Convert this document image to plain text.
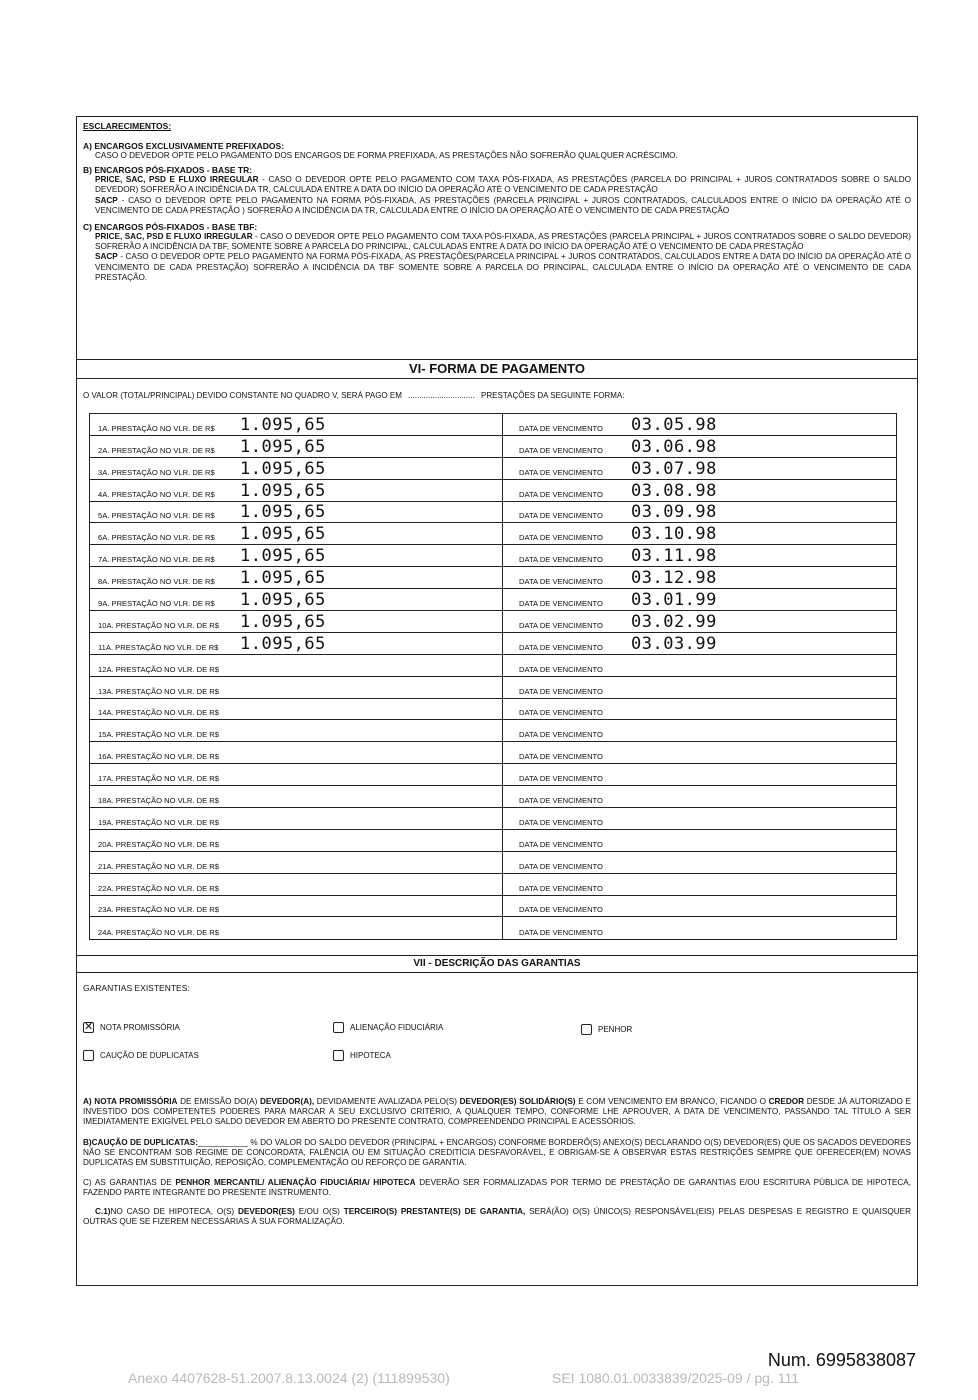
ESCLARECIMENTOS:
A) ENCARGOS EXCLUSIVAMENTE PREFIXADOS:
CASO O DEVEDOR OPTE PELO PAGAMENTO DOS ENCARGOS DE FORMA PREFIXADA, AS PRESTAÇÕES NÃO SOFRERÃO QUALQUER ACRÉSCIMO.
B) ENCARGOS PÓS-FIXADOS - BASE TR:
PRICE, SAC, PSD E FLUXO IRREGULAR - CASO O DEVEDOR OPTE PELO PAGAMENTO COM TAXA PÓS-FIXADA, AS PRESTAÇÕES (PARCELA DO PRINCIPAL + JUROS CONTRATADOS SOBRE O SALDO DEVEDOR) SOFRERÃO A INCIDÊNCIA DA TR, CALCULADA ENTRE A DATA DO INÍCIO DA OPERAÇÃO ATÉ O VENCIMENTO DE CADA PRESTAÇÃO
SACP - CASO O DEVEDOR OPTE PELO PAGAMENTO NA FORMA PÓS-FIXADA, AS PRESTAÇÕES (PARCELA PRINCIPAL + JUROS CONTRATADOS, CALCULADOS ENTRE O INÍCIO DA OPERAÇÃO ATÉ O VENCIMENTO DE CADA PRESTAÇÃO ) SOFRERÃO A INCIDÊNCIA DA TR, CALCULADA ENTRE O INÍCIO DA OPERAÇÃO ATÉ O VENCIMENTO DE CADA PRESTAÇÃO
C) ENCARGOS PÓS-FIXADOS - BASE TBF:
PRICE, SAC, PSD E FLUXO IRREGULAR - CASO O DEVEDOR OPTE PELO PAGAMENTO COM TAXA PÓS-FIXADA, AS PRESTAÇÕES (PARCELA PRINCIPAL + JUROS CONTRATADOS SOBRE O SALDO DEVEDOR) SOFRERÃO A INCIDÊNCIA DA TBF, SOMENTE SOBRE A PARCELA DO PRINCIPAL, CALCULADAS ENTRE A DATA DO INÍCIO DA OPERAÇÃO ATÉ O VENCIMENTO DE CADA PRESTAÇÃO
SACP - CASO O DEVEDOR OPTE PELO PAGAMENTO NA FORMA PÓS-FIXADA, AS PRESTAÇÕES(PARCELA PRINCIPAL + JUROS CONTRATADOS, CALCULADOS ENTRE A DATA DO INÍCIO DA OPERAÇÃO ATÉ O VENCIMENTO DE CADA PRESTAÇÃO) SOFRERÃO A INCIDÊNCIA DA TBF SOMENTE SOBRE A PARCELA DO PRINCIPAL, CALCULADA ENTRE O INÍCIO DA OPERAÇÃO ATÉ O VENCIMENTO DE CADA PRESTAÇÃO.
VI- FORMA DE PAGAMENTO
O VALOR (TOTAL/PRINCIPAL) DEVIDO CONSTANTE NO QUADRO V, SERÁ PAGO EM .............................. PRESTAÇÕES DA SEGUINTE FORMA:
1A. PRESTAÇÃO NO VLR. DE R$ 1.095,65	DATA DE VENCIMENTO 03.05.98
2A. PRESTAÇÃO NO VLR. DE R$ 1.095,65	DATA DE VENCIMENTO 03.06.98
3A. PRESTAÇÃO NO VLR. DE R$ 1.095,65	DATA DE VENCIMENTO 03.07.98
4A. PRESTAÇÃO NO VLR. DE R$ 1.095,65	DATA DE VENCIMENTO 03.08.98
5A. PRESTAÇÃO NO VLR. DE R$ 1.095,65	DATA DE VENCIMENTO 03.09.98
6A. PRESTAÇÃO NO VLR. DE R$ 1.095,65	DATA DE VENCIMENTO 03.10.98
7A. PRESTAÇÃO NO VLR. DE R$ 1.095,65	DATA DE VENCIMENTO 03.11.98
8A. PRESTAÇÃO NO VLR. DE R$ 1.095,65	DATA DE VENCIMENTO 03.12.98
9A. PRESTAÇÃO NO VLR. DE R$ 1.095,65	DATA DE VENCIMENTO 03.01.99
10A. PRESTAÇÃO NO VLR. DE R$ 1.095,65	DATA DE VENCIMENTO 03.02.99
11A. PRESTAÇÃO NO VLR. DE R$ 1.095,65	DATA DE VENCIMENTO 03.03.99
12A. PRESTAÇÃO NO VLR. DE R$	DATA DE VENCIMENTO
13A. PRESTAÇÃO NO VLR. DE R$	DATA DE VENCIMENTO
14A. PRESTAÇÃO NO VLR. DE R$	DATA DE VENCIMENTO
15A. PRESTAÇÃO NO VLR. DE R$	DATA DE VENCIMENTO
16A. PRESTAÇÃO NO VLR. DE R$	DATA DE VENCIMENTO
17A. PRESTAÇÃO NO VLR. DE R$	DATA DE VENCIMENTO
18A. PRESTAÇÃO NO VLR. DE R$	DATA DE VENCIMENTO
19A. PRESTAÇÃO NO VLR. DE R$	DATA DE VENCIMENTO
20A. PRESTAÇÃO NO VLR. DE R$	DATA DE VENCIMENTO
21A. PRESTAÇÃO NO VLR. DE R$	DATA DE VENCIMENTO
22A. PRESTAÇÃO NO VLR. DE R$	DATA DE VENCIMENTO
23A. PRESTAÇÃO NO VLR. DE R$	DATA DE VENCIMENTO
24A. PRESTAÇÃO NO VLR. DE R$	DATA DE VENCIMENTO
VII - DESCRIÇÃO DAS GARANTIAS
GARANTIAS EXISTENTES:
✕NOTA PROMISSÓRIA	ALIENAÇÃO FIDUCIÁRIA	PENHOR
CAUÇÃO DE DUPLICATAS	HIPOTECA
A) NOTA PROMISSÓRIA DE EMISSÃO DO(A) DEVEDOR(A), DEVIDAMENTE AVALIZADA PELO(S) DEVEDOR(ES) SOLIDÁRIO(S) E COM VENCIMENTO EM BRANCO, FICANDO O CREDOR DESDE JÁ AUTORIZADO E INVESTIDO DOS COMPETENTES PODERES PARA MARCAR A SEU EXCLUSIVO CRITÉRIO, A QUALQUER TEMPO, CONFORME LHE APROUVER, A DATA DE VENCIMENTO, PASSANDO TAL TÍTULO A SER IMEDIATAMENTE EXIGÍVEL PELO SALDO DEVEDOR EM ABERTO DO PRESENTE CONTRATO, COMPREENDENDO PRINCIPAL E ACESSÓRIOS.
B)CAUÇÃO DE DUPLICATAS:___________ % DO VALOR DO SALDO DEVEDOR (PRINCIPAL + ENCARGOS) CONFORME BORDERÔ(S) ANEXO(S) DECLARANDO O(S) DEVEDOR(ES) QUE OS SACADOS DEVEDORES NÃO SE ENCONTRAM SOB REGIME DE CONCORDATA, FALÊNCIA OU EM SITUAÇÃO CREDITÍCIA DESFAVORÁVEL, E OBRIGAM-SE A OBSERVAR ESTAS RESTRIÇÕES SEMPRE QUE OFERECER(EM) NOVAS DUPLICATAS EM SUBSTITUIÇÃO, REPOSIÇÃO, COMPLEMENTAÇÃO OU REFORÇO DE GARANTIA.
C) AS GARANTIAS DE PENHOR MERCANTIL/ ALIENAÇÃO FIDUCIÁRIA/ HIPOTECA DEVERÃO SER FORMALIZADAS POR TERMO DE PRESTAÇÃO DE GARANTIAS E/OU ESCRITURA PÚBLICA DE HIPOTECA, FAZENDO PARTE INTEGRANTE DO PRESENTE INSTRUMENTO.
C.1)NO CASO DE HIPOTECA, O(S) DEVEDOR(ES) E/OU O(S) TERCEIRO(S) PRESTANTE(S) DE GARANTIA, SERÁ(ÃO) O(S) ÚNICO(S) RESPONSÁVEL(EIS) PELAS DESPESAS E REGISTRO E QUAISQUER OUTRAS QUE SE FIZEREM NECESSÁRIAS À SUA FORMALIZAÇÃO.
Num. 6995838087
Anexo 4407628-51.2007.8.13.0024 (2) (111899530)	SEI 1080.01.0033839/2025-09 / pg. 111
